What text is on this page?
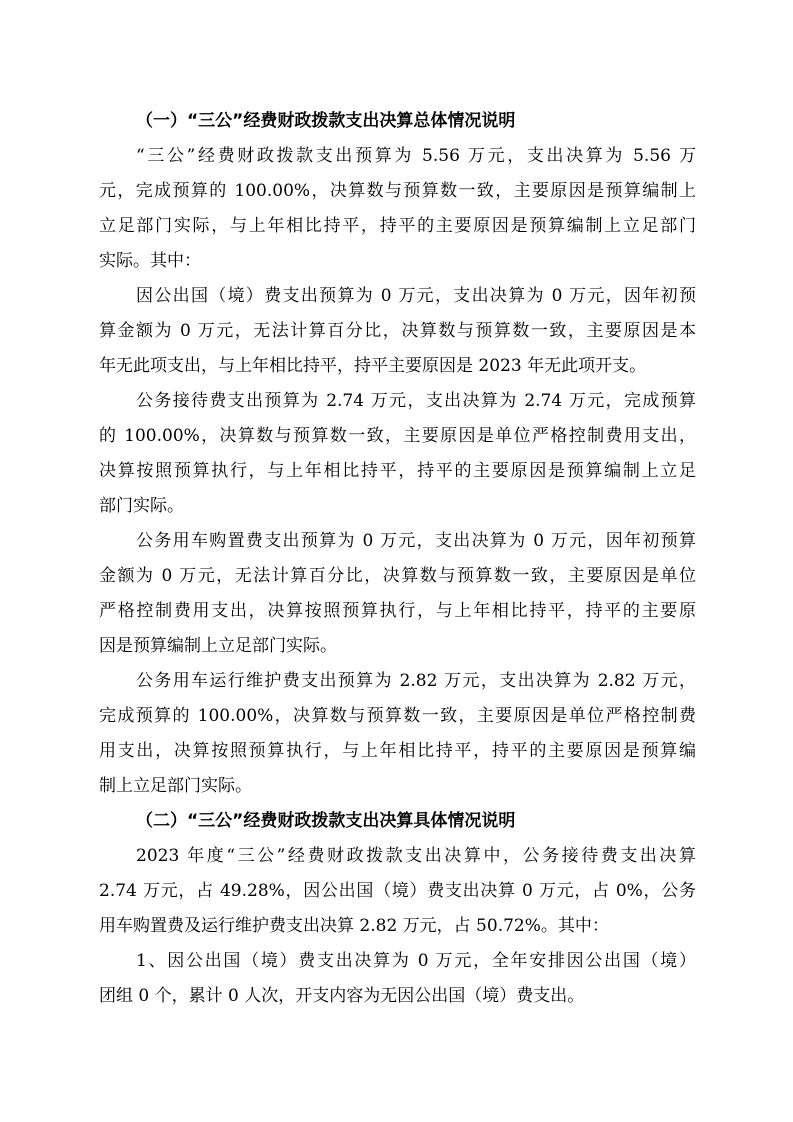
（一）“三公”经费财政拨款支出决算总体情况说明

“三公”经费财政拨款支出预算为 5.56 万元，支出决算为 5.56 万
元，完成预算的 100.00%，决算数与预算数一致，主要原因是预算编制上
立足部门实际，与上年相比持平，持平的主要原因是预算编制上立足部门
实际。其中：

因公出国（境）费支出预算为 0 万元，支出决算为 0 万元，因年初预
算金额为 0 万元，无法计算百分比，决算数与预算数一致，主要原因是本
年无此项支出，与上年相比持平，持平主要原因是 2023 年无此项开支。

公务接待费支出预算为 2.74 万元，支出决算为 2.74 万元，完成预算
的 100.00%，决算数与预算数一致，主要原因是单位严格控制费用支出，
决算按照预算执行，与上年相比持平，持平的主要原因是预算编制上立足
部门实际。

公务用车购置费支出预算为 0 万元，支出决算为 0 万元，因年初预算
金额为 0 万元，无法计算百分比，决算数与预算数一致，主要原因是单位
严格控制费用支出，决算按照预算执行，与上年相比持平，持平的主要原
因是预算编制上立足部门实际。

公务用车运行维护费支出预算为 2.82 万元，支出决算为 2.82 万元，
完成预算的 100.00%，决算数与预算数一致，主要原因是单位严格控制费
用支出，决算按照预算执行，与上年相比持平，持平的主要原因是预算编
制上立足部门实际。

（二）“三公”经费财政拨款支出决算具体情况说明

2023 年度“三公”经费财政拨款支出决算中，公务接待费支出决算
2.74 万元，占 49.28%，因公出国（境）费支出决算 0 万元，占 0%，公务
用车购置费及运行维护费支出决算 2.82 万元，占 50.72%。其中：

1、因公出国（境）费支出决算为 0 万元，全年安排因公出国（境）
团组 0 个，累计 0 人次，开支内容为无因公出国（境）费支出。
